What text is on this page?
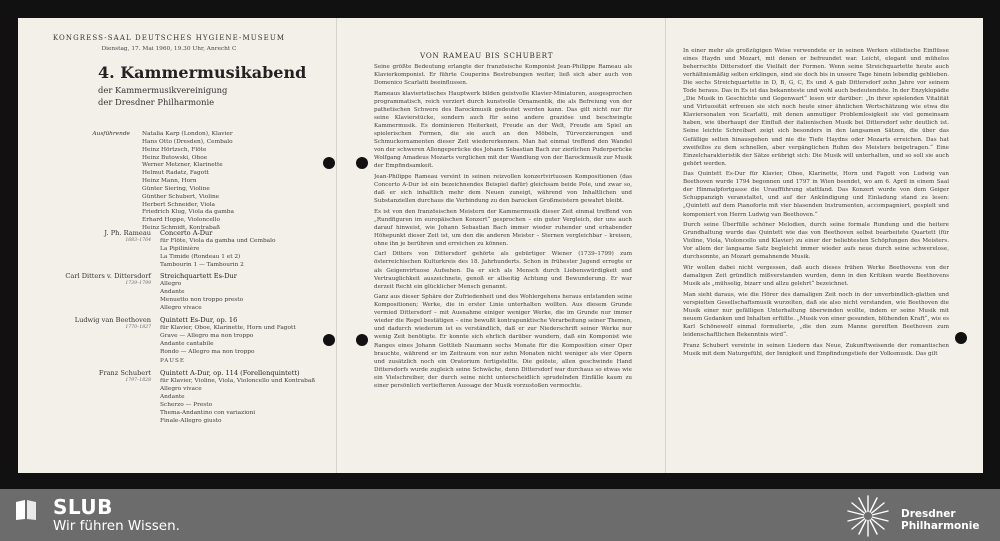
KONGRESS-SAAL DEUTSCHES HYGIENE-MUSEUM
Dienstag, 17. Mai 1960, 19.30 Uhr, Anrecht C
4. Kammermusikabend
der Kammermusikvereinigung
der Dresdner Philharmonie
Ausführende	Natalia Karp (London), Klavier
Hans Otto (Dresden), Cembalo
Heinz Hörtzsch, Flöte
Heinz Butowski, Oboe
Werner Metzner, Klarinette
Helmut Radatz, Fagott
Heinz Mann, Horn
Günter Siering, Violine
Günther Schubert, Violine
Herbert Schneider, Viola
Friedrich Klug, Viola da gamba
Erhard Hoppe, Violoncello
Heinz Schmidt, Kontrabaß
J. Ph. Rameau
1683–1764
Concerto A-Dur
für Flöte, Viola da gamba und Cembalo
La Pipilinière
La Timide (Rondeau 1 et 2)
Tambourin 1 — Tambourin 2
Carl Ditters v. Dittersdorf
1739–1799
Streichquartett Es-Dur
Allegro
Andante
Menuetto non troppo presto
Allegro vivace
Ludwig van Beethoven
1770–1827
Quintett Es-Dur, op. 16
für Klavier, Oboe, Klarinette, Horn und Fagott
Grave — Allegro ma non troppo
Andante cantabile
Rondo — Allegro ma non troppo
PAUSE
Franz Schubert
1797–1828
Quintett A-Dur, op. 114 (Forellenquintett)
für Klavier, Violine, Viola, Violoncello und Kontrabaß
Allegro vivace
Andante
Scherzo — Presto
Thema-Andantino con variazioni
Finale-Allegro giusto
VON RAMEAU BIS SCHUBERT

Seine größte Bedeutung erlangte der französische Komponist Jean-Philippe Rameau als Klavierkomponist. Er führte Couperins Bestrebungen weiter, ließ sich aber auch von Domenico Scarlatti beeinflussen.

Rameaus klavieristisches Hauptwerk bilden geistvolle Klavier-Miniaturen, ausgesprochen programmatisch, reich verziert durch kunstvolle Ornamentik, die als Befreiung von der pathetischen Schwere des Barockmusik gedeutet werden kann. Das gilt nicht nur für seine Klavierstücke, sondern auch für seine andere graziöse und beschwingte Kammermusik. Es dominieren Heiterkeit, Freude an der Welt, Freude am Spiel an spielerischen Formen, die sie auch an den Möbeln, Türverzierungen und Schmuckornamenten dieser Zeit wiedererkennen. Man hat einmal treffend den Wandel von der schweren Allongeperücke des Johann Sebastian Bach zur zierlichen Puderperücke Wolfgang Amadeus Mozarts verglichen mit der Wandlung von der Barockmusik zur Musik der Empfindsamkeit.

Jean-Philippe Rameau vereint in seinen reizvollen konzertvirtuosen Kompositionen (das Concerto A-Dur ist ein bezeichnendes Beispiel dafür) gleichsam beide Pole, und zwar so, daß er sich inhaltlich mehr dem Neuen zuneigt, während von Inhaltlichen und Substanziellen durchaus die Verbindung zu den barocken Großmeistern gewahrt bleibt.

Es ist von den französischen Meistern der Kammermusik dieser Zeit einmal treffend von „Rundfiguren im europäischen Konzert“ gesprochen – ein guter Vergleich, der uns auch darauf hinweist, wie Johann Sebastian Bach immer wieder ruhender und erhabender Höhepunkt dieser Zeit ist, um den die anderen Meister – Sternen vergleichbar – kreisen, ohne ihn je berühren und erreichen zu können.

Carl Ditters von Dittersdorf gehörte als gebürtiger Wiener (1739–1799) zum österreichischen Kulturkreis des 18. Jahrhunderts. Schon in frühester Jugend erregte er als Geigenvirtuose Aufsehen. Da er sich als Mensch durch Liebenswürdigkeit und Vertrauglichkeit auszeichnete, genoß er allseitig Achtung und Bewunderung. Er war derzeit Recht ein glücklicher Mensch genannt.

Ganz aus dieser Sphäre der Zufriedenheit und des Wohlergehens heraus entstanden seine Kompositionen; Werke, die in erster Linie unterhalten wollten. Aus diesem Grunde vermied Dittersdorf – mit Ausnahme einiger weniger Werke, die im Grunde nur immer wieder die Regel bestätigen – eine bewußt kontrapunktische Verarbeitung seiner Themen, und dadurch wiederum ist es verständlich, daß er zur Niederschrift seiner Werke nur wenig Zeit benötigte. Er konnte sich ehrlich darüber wundern, daß ein Komponist wie Ranges eines Johann Gottlieb Naumann sechs Monate für die Komposition einer Oper brauchte, während er im Zeitraum von nur zehn Monaten nicht weniger als vier Opern und zusätzlich noch ein Oratorium fertigstellte. Die gelöste, allen geschwinde Hand Dittersdorfs wurde zugleich seine Schwäche, denn Dittersdorf war durchaus so etwas wie ein Vielschreiber, der durch seine nicht unterscheidlich sprudelnden Einfälle kaum zu einer persönlich vertiefteren Aussage der Musik vorzustoßen vermochte.

In einer mehr als großzügigen Weise verwendete er in seinen Werken stilistische Einflüsse eines Haydn und Mozart, mit denen er befreundet war. Leicht, elegant und mühelos beherrschte Dittersdorf die Vielfalt der Formen. Wenn seine Streichquartette heute auch verhältnismäßig selten erklingen, sind sie doch bis in unsere Tage hinein lebendig geblieben. Die sechs Streichquartette in D, B, G, C, Es und A gab Dittersdorf zehn Jahre vor seinem Tode heraus. Das in Es ist das bekannteste und wohl auch bedeutendste. In der Enzyklopädie „Die Musik in Geschichte und Gegenwart“ lesen wir darüber: „In ihrer spielenden Vitalität und Virtuosität erfreuen sie sich noch heute einer ähnlichen Wertschätzung wie etwa die Klaviersonaten von Scarlatti, mit denen anmutiger Problemlosigkeit sie viel gemeinsam haben, wie überhaupt der Einfluß der italienischen Musik bei Dittersdorf sehr deutlich ist. Seine leichte Schreibart zeigt sich besonders in den langsamen Sätzen, die über das Gefällige selten hinausgehen und nie die Tiefe Haydns oder Mozarts erreichen. Das hat zweifellos zu dem schnellen, aber vergänglichen Ruhm des Meisters beigetragen.“ Eine Einzelcharakteristik der Sätze erübrigt sich: Die Musik will unterhalten, und so soll sie auch gehört werden.

Das Quintett Es-Dur für Klavier, Oboe, Klarinette, Horn und Fagott von Ludwig van Beethoven wurde 1794 begonnen und 1797 in Wien beendet, wo am 6. April in einem Saal der Hinmalpfortgasse die Uraufführung stattfand. Das Konzert wurde von dem Geiger Schuppanzigh veranstaltet, und auf der Ankündigung und Einladung stand zu lesen: „Quintett auf dem Pianoforte mit vier blasenden Instrumenten, accompagniert, gespielt und komponiert von Herrn Ludwig van Beethoven.“

Durch seine Überfülle schöner Melodien, durch seine formale Rundung und die heitere Grundhaltung wurde das Quintett wie das von Beethoven selbst bearbeitete Quartett (für Violine, Viola, Violoncello und Klavier) zu einer der beliebtesten Schöpfungen des Meisters. Vor allem der langsame Satz begleicht immer wieder aufs neue durch seine schwerelose, durchsonnte, an Mozart gemahnende Musik.

Wir wollen dabei nicht vergessen, daß auch dieses frühen Werke Beethovens von der damaligen Zeit gründlich mißverstanden wurden, denn in den Kritiken wurde Beethovens Musik als „mühselig, bizarr und allzu gelehrt“ bezeichnet.

Man sieht daraus, wie die Hörer des damaligen Zeit noch in der unverbindlich-glatten und verspielten Gesellschaftsmusik wurzelten, daß sie also nicht verstanden, wie Beethoven die Musik einer nur gefälligen Unterhaltung überwinden wollte, indem er seine Musik mit neuem Gedanken und Inhalten erfüllte. „Musik von einer gesunden, blühenden Kraft“, wie es Karl Schönewolf einmal formulierte, „die den zum Manne gereiften Beethoven zum leidenschaftlichen Bekenntnis wird“.

Franz Schubert vereinte in seinen Liedern das Neue, Zukunftweisende der romantischen Musik mit dem Naturgefühl, der Innigkeit und Empfindungstiefe der Volksmusik. Das gilt

SLUB
Wir führen Wissen.
Dresdner
Philharmonie
